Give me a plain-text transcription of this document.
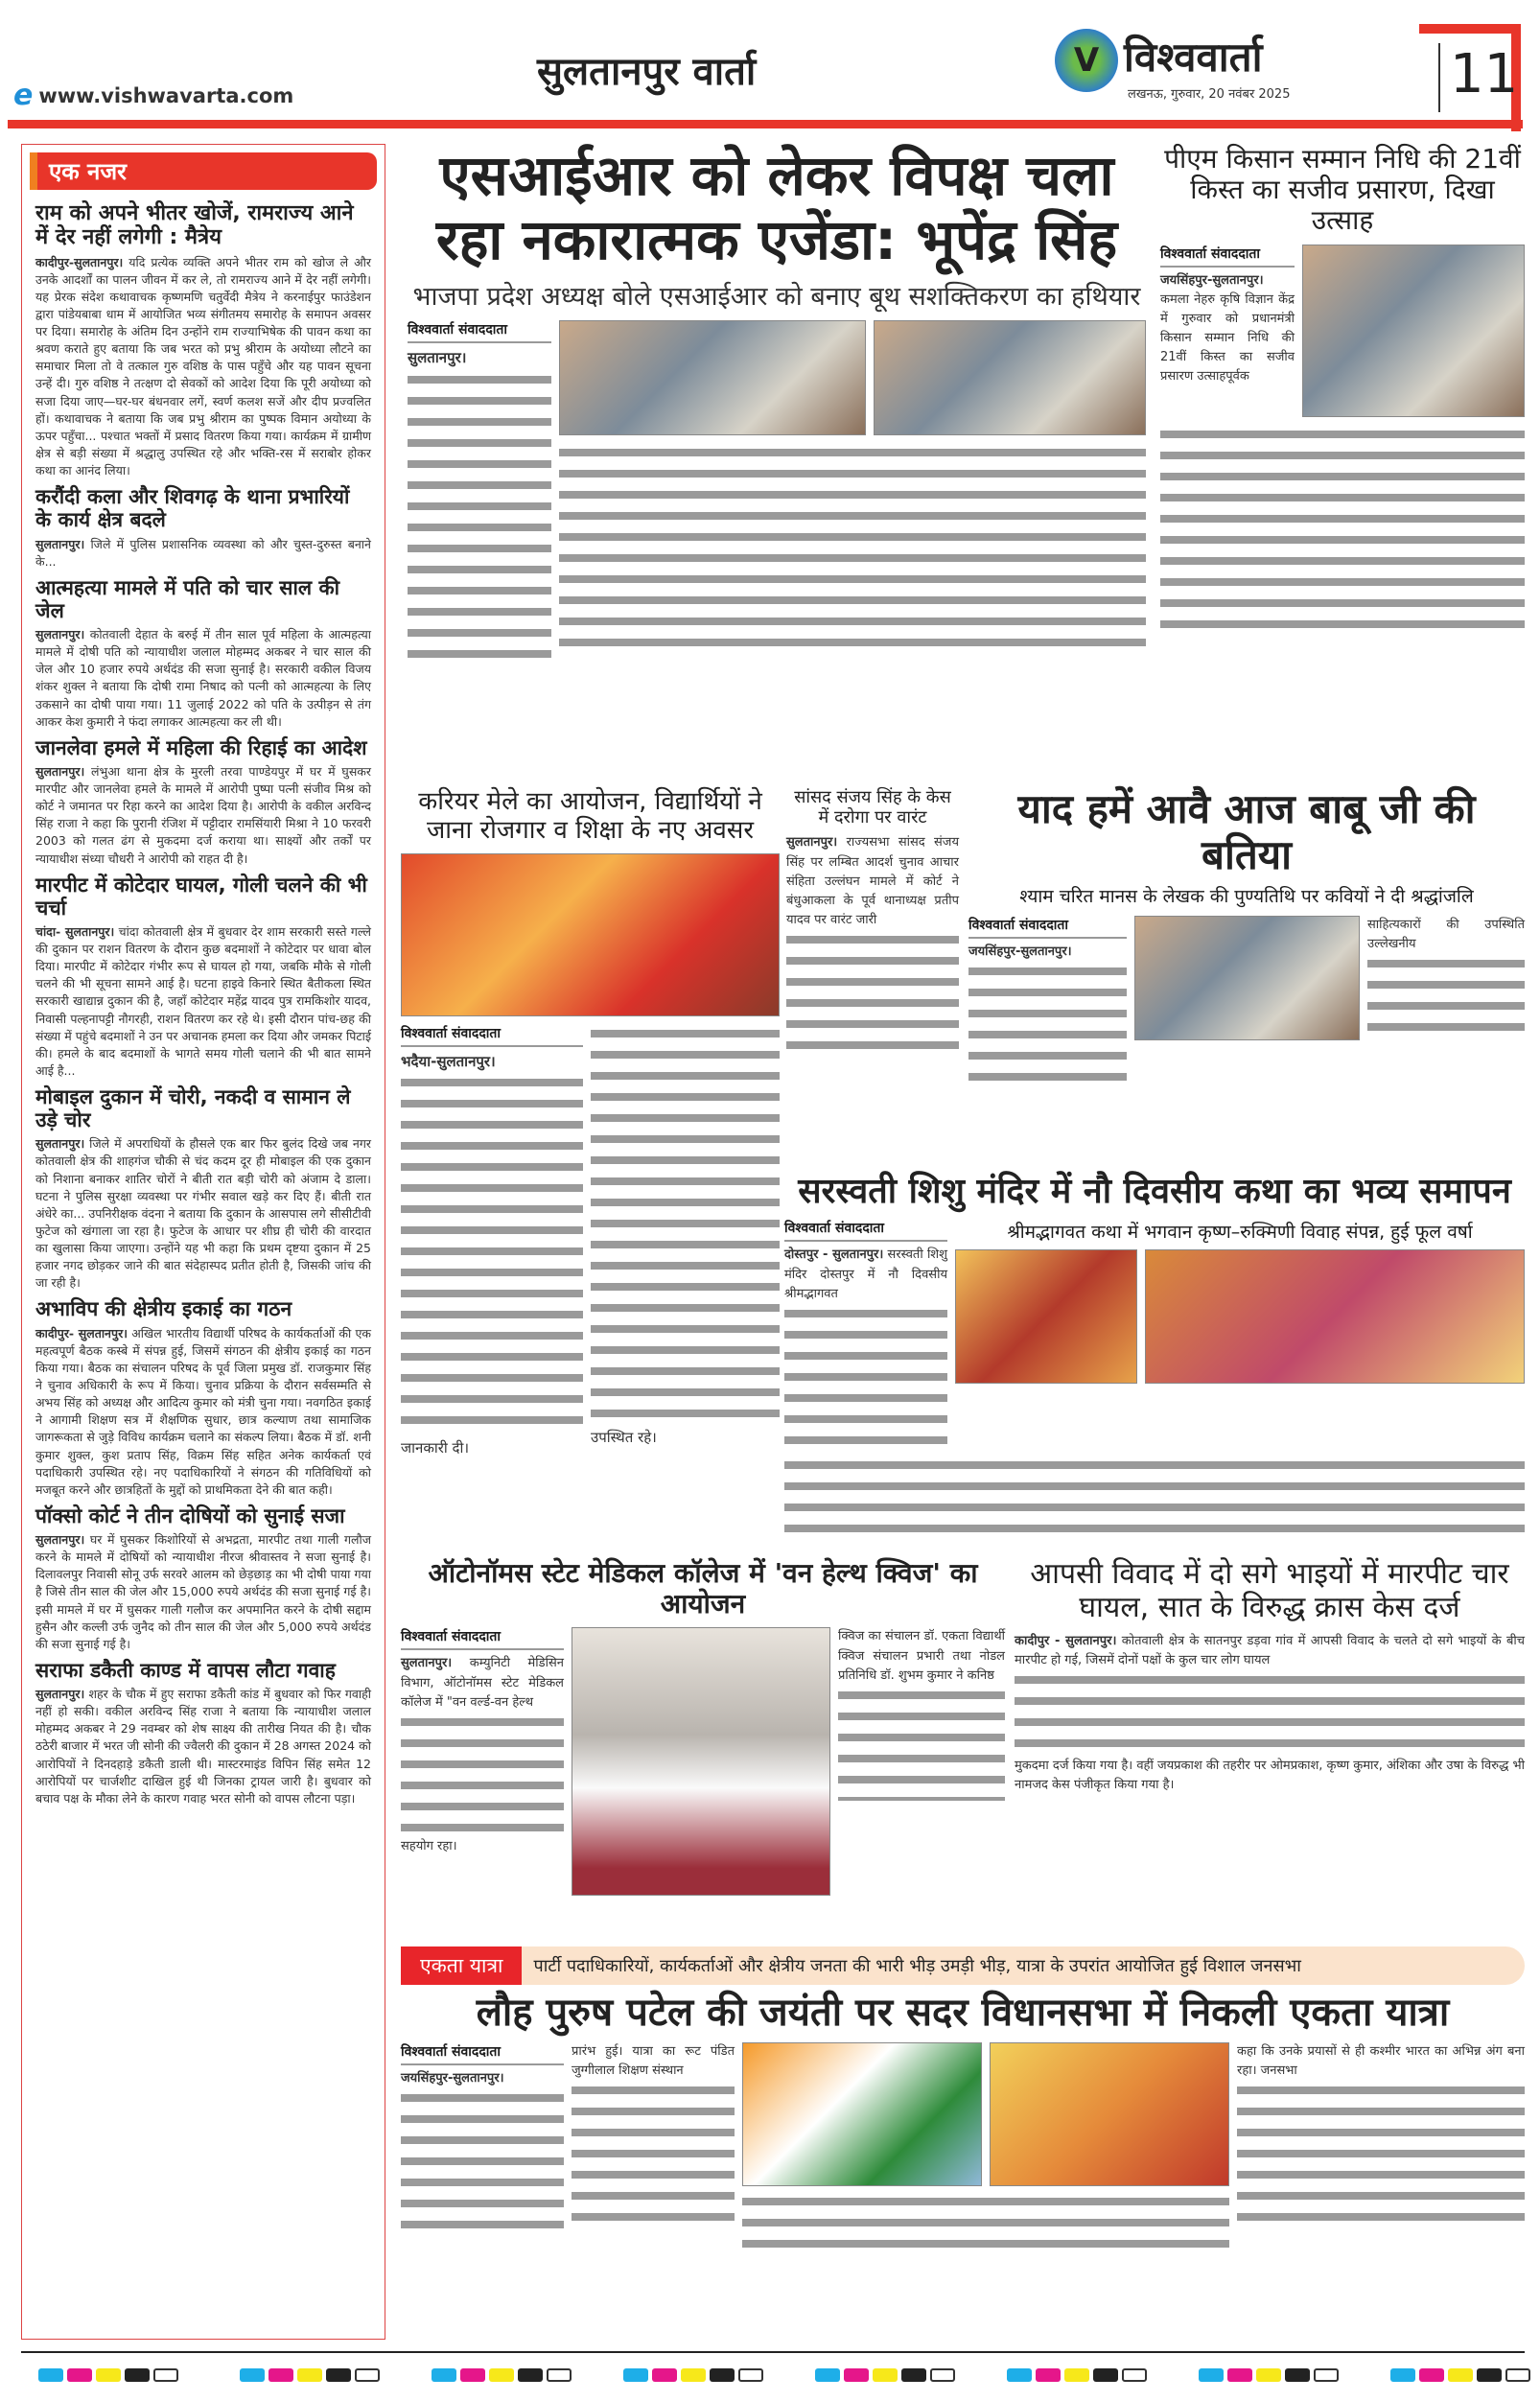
e www.vishwavarta.com
सुलतानपुर वार्ता	V विश्ववार्ता
लखनऊ, गुरुवार, 20 नवंबर 2025	11
एक नजर
राम को अपने भीतर खोजें, रामराज्य आने में देर नहीं लगेगी : मैत्रेय
कादीपुर-सुलतानपुर। यदि प्रत्येक व्यक्ति अपने भीतर राम को खोज ले और उनके आदर्शों का पालन जीवन में कर ले, तो रामराज्य आने में देर नहीं लगेगी। यह प्रेरक संदेश कथावाचक कृष्णमणि चतुर्वेदी मैत्रेय ने करनाईपुर फाउंडेशन द्वारा पांडेयबाबा धाम में आयोजित भव्य संगीतमय समारोह के समापन अवसर पर दिया। समारोह के अंतिम दिन उन्होंने राम राज्याभिषेक की पावन कथा का श्रवण कराते हुए बताया कि जब भरत को प्रभु श्रीराम के अयोध्या लौटने का समाचार मिला तो वे तत्काल गुरु वशिष्ठ के पास पहुँचे और यह पावन सूचना उन्हें दी। गुरु वशिष्ठ ने तत्क्षण दो सेवकों को आदेश दिया कि पूरी अयोध्या को सजा दिया जाए—घर-घर बंधनवार लगें, स्वर्ण कलश सजें और दीप प्रज्वलित हों। कथावाचक ने बताया कि जब प्रभु श्रीराम का पुष्पक विमान अयोध्या के ऊपर पहुँचा... पश्चात भक्तों में प्रसाद वितरण किया गया। कार्यक्रम में ग्रामीण क्षेत्र से बड़ी संख्या में श्रद्धालु उपस्थित रहे और भक्ति-रस में सराबोर होकर कथा का आनंद लिया।
करौंदी कला और शिवगढ़ के थाना प्रभारियों के कार्य क्षेत्र बदले
सुलतानपुर। जिले में पुलिस प्रशासनिक व्यवस्था को और चुस्त-दुरुस्त बनाने के...
आत्महत्या मामले में पति को चार साल की जेल
सुलतानपुर। कोतवाली देहात के बरुई में तीन साल पूर्व महिला के आत्महत्या मामले में दोषी पति को न्यायाधीश जलाल मोहम्मद अकबर ने चार साल की जेल और 10 हजार रुपये अर्थदंड की सजा सुनाई है। सरकारी वकील विजय शंकर शुक्ल ने बताया कि दोषी रामा निषाद को पत्नी को आत्महत्या के लिए उकसाने का दोषी पाया गया। 11 जुलाई 2022 को पति के उत्पीड़न से तंग आकर केश कुमारी ने फंदा लगाकर आत्महत्या कर ली थी।
जानलेवा हमले में महिला की रिहाई का आदेश
सुलतानपुर। लंभुआ थाना क्षेत्र के मुरली तरवा पाण्डेयपुर में घर में घुसकर मारपीट और जानलेवा हमले के मामले में आरोपी पुष्पा पत्नी संजीव मिश्र को कोर्ट ने जमानत पर रिहा करने का आदेश दिया है। आरोपी के वकील अरविन्द सिंह राजा ने कहा कि पुरानी रंजिश में पट्टीदार रामसिंयारी मिश्रा ने 10 फरवरी 2003 को गलत ढंग से मुकदमा दर्ज कराया था। साक्ष्यों और तर्कों पर न्यायाधीश संध्या चौधरी ने आरोपी को राहत दी है।
मारपीट में कोटेदार घायल, गोली चलने की भी चर्चा
चांदा- सुलतानपुर। चांदा कोतवाली क्षेत्र में बुधवार देर शाम सरकारी सस्ते गल्ले की दुकान पर राशन वितरण के दौरान कुछ बदमाशों ने कोटेदार पर धावा बोल दिया। मारपीट में कोटेदार गंभीर रूप से घायल हो गया, जबकि मौके से गोली चलने की भी सूचना सामने आई है। घटना हाइवे किनारे स्थित बैतीकला स्थित सरकारी खाद्यान्न दुकान की है, जहाँ कोटेदार महेंद्र यादव पुत्र रामकिशोर यादव, निवासी पल्हनापट्टी नौगरही, राशन वितरण कर रहे थे। इसी दौरान पांच-छह की संख्या में पहुंचे बदमाशों ने उन पर अचानक हमला कर दिया और जमकर पिटाई की। हमले के बाद बदमाशों के भागते समय गोली चलाने की भी बात सामने आई है...
मोबाइल दुकान में चोरी, नकदी व सामान ले उड़े चोर
सुलतानपुर। जिले में अपराधियों के हौसले एक बार फिर बुलंद दिखे जब नगर कोतवाली क्षेत्र की शाहगंज चौकी से चंद कदम दूर ही मोबाइल की एक दुकान को निशाना बनाकर शातिर चोरों ने बीती रात बड़ी चोरी को अंजाम दे डाला। घटना ने पुलिस सुरक्षा व्यवस्था पर गंभीर सवाल खड़े कर दिए हैं। बीती रात अंधेरे का... उपनिरीक्षक वंदना ने बताया कि दुकान के आसपास लगे सीसीटीवी फुटेज को खंगाला जा रहा है। फुटेज के आधार पर शीघ्र ही चोरी की वारदात का खुलासा किया जाएगा। उन्होंने यह भी कहा कि प्रथम दृष्टया दुकान में 25 हजार नगद छोड़कर जाने की बात संदेहास्पद प्रतीत होती है, जिसकी जांच की जा रही है।
अभाविप की क्षेत्रीय इकाई का गठन
कादीपुर- सुलतानपुर। अखिल भारतीय विद्यार्थी परिषद के कार्यकर्ताओं की एक महत्वपूर्ण बैठक कस्बे में संपन्न हुई, जिसमें संगठन की क्षेत्रीय इकाई का गठन किया गया। बैठक का संचालन परिषद के पूर्व जिला प्रमुख डॉ. राजकुमार सिंह ने चुनाव अधिकारी के रूप में किया। चुनाव प्रक्रिया के दौरान सर्वसम्मति से अभय सिंह को अध्यक्ष और आदित्य कुमार को मंत्री चुना गया। नवगठित इकाई ने आगामी शिक्षण सत्र में शैक्षणिक सुधार, छात्र कल्याण तथा सामाजिक जागरूकता से जुड़े विविध कार्यक्रम चलाने का संकल्प लिया। बैठक में डॉ. शनी कुमार शुक्ल, कुश प्रताप सिंह, विक्रम सिंह सहित अनेक कार्यकर्ता एवं पदाधिकारी उपस्थित रहे। नए पदाधिकारियों ने संगठन की गतिविधियों को मजबूत करने और छात्रहितों के मुद्दों को प्राथमिकता देने की बात कही।
पॉक्सो कोर्ट ने तीन दोषियों को सुनाई सजा
सुलतानपुर। घर में घुसकर किशोरियों से अभद्रता, मारपीट तथा गाली गलौज करने के मामले में दोषियों को न्यायाधीश नीरज श्रीवास्तव ने सजा सुनाई है। दिलावलपुर निवासी सोनू उर्फ सरवरे आलम को छेड़छाड़ का भी दोषी पाया गया है जिसे तीन साल की जेल और 15,000 रुपये अर्थदंड की सजा सुनाई गई है। इसी मामले में घर में घुसकर गाली गलौज कर अपमानित करने के दोषी सद्दाम हुसैन और कल्ली उर्फ जुनैद को तीन साल की जेल और 5,000 रुपये अर्थदंड की सजा सुनाई गई है।
सराफा डकैती काण्ड में वापस लौटा गवाह
सुलतानपुर। शहर के चौक में हुए सराफा डकैती कांड में बुधवार को फिर गवाही नहीं हो सकी। वकील अरविन्द सिंह राजा ने बताया कि न्यायाधीश जलाल मोहम्मद अकबर ने 29 नवम्बर को शेष साक्ष्य की तारीख नियत की है। चौक ठठेरी बाजार में भरत जी सोनी की ज्वैलरी की दुकान में 28 अगस्त 2024 को आरोपियों ने दिनदहाड़े डकैती डाली थी। मास्टरमाइंड विपिन सिंह समेत 12 आरोपियों पर चार्जशीट दाखिल हुई थी जिनका ट्रायल जारी है। बुधवार को बचाव पक्ष के मौका लेने के कारण गवाह भरत सोनी को वापस लौटना पड़ा।
एसआईआर को लेकर विपक्ष चला रहा नकारात्मक एजेंडा: भूपेंद्र सिंह
भाजपा प्रदेश अध्यक्ष बोले एसआईआर को बनाए बूथ सशक्तिकरण का हथियार
विश्ववार्ता संवाददाता
सुलतानपुर।
पीएम किसान सम्मान निधि की 21वीं किस्त का सजीव प्रसारण, दिखा उत्साह
विश्ववार्ता संवाददाता
जयसिंहपुर-सुलतानपुर। कमला नेहरु कृषि विज्ञान केंद्र में गुरुवार को प्रधानमंत्री किसान सम्मान निधि की 21वीं किस्त का सजीव प्रसारण उत्साहपूर्वक
करियर मेले का आयोजन, विद्यार्थियों ने जाना रोजगार व शिक्षा के नए अवसर
विश्ववार्ता संवाददाता
भदैया-सुलतानपुर।
जानकारी दी।
उपस्थित रहे।
सांसद संजय सिंह के केस में दरोगा पर वारंट
सुलतानपुर। राज्यसभा सांसद संजय सिंह पर लम्बित आदर्श चुनाव आचार संहिता उल्लंघन मामले में कोर्ट ने बंधुआकला के पूर्व थानाध्यक्ष प्रतीप यादव पर वारंट जारी
याद हमें आवै आज बाबू जी की बतिया
श्याम चरित मानस के लेखक की पुण्यतिथि पर कवियों ने दी श्रद्धांजलि
विश्ववार्ता संवाददाता
जयसिंहपुर-सुलतानपुर।
साहित्यकारों की उपस्थिति उल्लेखनीय
सरस्वती शिशु मंदिर में नौ दिवसीय कथा का भव्य समापन
विश्ववार्ता संवाददाता
दोस्तपुर - सुलतानपुर। सरस्वती शिशु मंदिर दोस्तपुर में नौ दिवसीय श्रीमद्भागवत
श्रीमद्भागवत कथा में भगवान कृष्ण–रुक्मिणी विवाह संपन्न, हुई फूल वर्षा
ऑटोनॉमस स्टेट मेडिकल कॉलेज में 'वन हेल्थ क्विज' का आयोजन
विश्ववार्ता संवाददाता
सुलतानपुर। कम्युनिटी मेडिसिन विभाग, ऑटोनॉमस स्टेट मेडिकल कॉलेज में "वन वर्ल्ड-वन हेल्थ
सहयोग रहा।
क्विज का संचालन डॉ. एकता विद्यार्थी क्विज संचालन प्रभारी तथा नोडल प्रतिनिधि डॉ. शुभम कुमार ने कनिष्ठ
आपसी विवाद में दो सगे भाइयों में मारपीट चार घायल, सात के विरुद्ध क्रास केस दर्ज
कादीपुर - सुलतानपुर। कोतवाली क्षेत्र के सातनपुर डड़वा गांव में आपसी विवाद के चलते दो सगे भाइयों के बीच मारपीट हो गई, जिसमें दोनों पक्षों के कुल चार लोग घायल
मुकदमा दर्ज किया गया है। वहीं जयप्रकाश की तहरीर पर ओमप्रकाश, कृष्ण कुमार, अंशिका और उषा के विरुद्ध भी नामजद केस पंजीकृत किया गया है।
एकता यात्रा	पार्टी पदाधिकारियों, कार्यकर्ताओं और क्षेत्रीय जनता की भारी भीड़ उमड़ी भीड़, यात्रा के उपरांत आयोजित हुई विशाल जनसभा
लौह पुरुष पटेल की जयंती पर सदर विधानसभा में निकली एकता यात्रा
विश्ववार्ता संवाददाता
जयसिंहपुर-सुलतानपुर।
प्रारंभ हुई। यात्रा का रूट पंडित जुग्गीलाल शिक्षण संस्थान
कहा कि उनके प्रयासों से ही कश्मीर भारत का अभिन्न अंग बना रहा। जनसभा
